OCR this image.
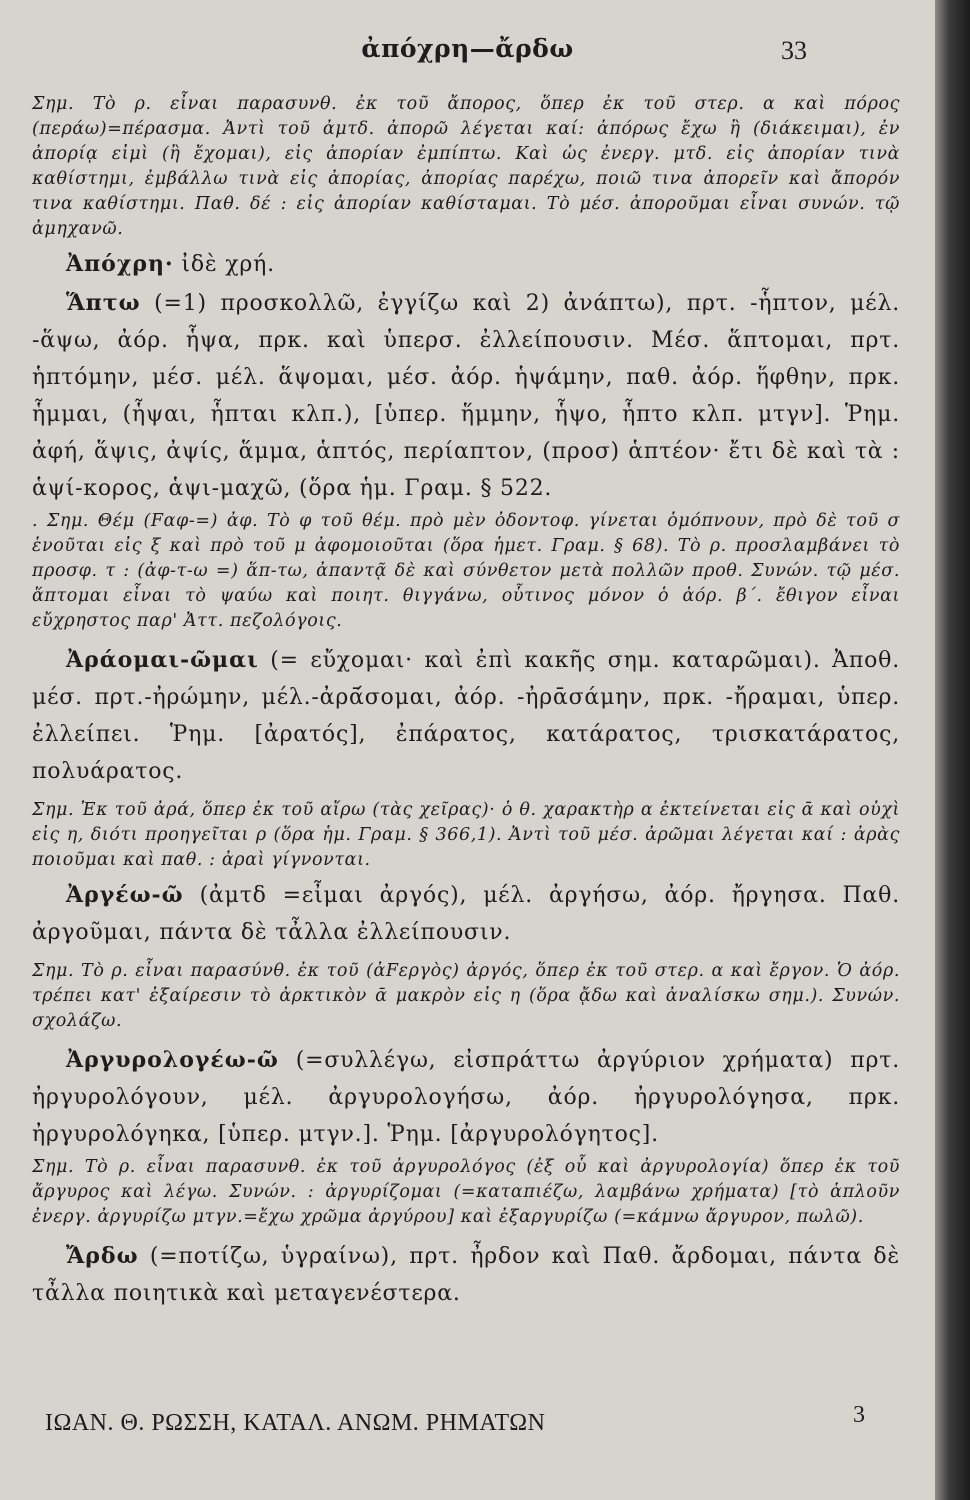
ἀπόχρη—ἄρδω	33

Σημ. Τὸ ρ. εἶναι παρασυνθ. ἐκ τοῦ ἄπορος, ὅπερ ἐκ τοῦ στερ. α καὶ πόρος (περάω)=πέρασμα. Ἀντὶ τοῦ ἀμτδ. ἀπορῶ λέγεται καί: ἀπόρως ἔχω ἢ (διάκειμαι), ἐν ἀπορίᾳ εἰμὶ (ἢ ἔχομαι), εἰς ἀπορίαν ἐμπίπτω. Καὶ ὡς ἐνεργ. μτδ. εἰς ἀπορίαν τινὰ καθίστημι, ἐμβάλλω τινὰ εἰς ἀπορίας, ἀπορίας παρέχω, ποιῶ τινα ἀπορεῖν καὶ ἄπορόν τινα καθίστημι. Παθ. δέ : εἰς ἀπορίαν καθίσταμαι. Τὸ μέσ. ἀποροῦμαι εἶναι συνών. τῷ ἀμηχανῶ.

Ἀπόχρη· ἰδὲ χρή.

Ἅπτω (=1) προσκολλῶ, ἐγγίζω καὶ 2) ἀνάπτω), πρτ. -ἧπτον, μέλ. -ἅψω, ἀόρ. ἧψα, πρκ. καὶ ὑπερσ. ἐλλείπουσιν. Μέσ. ἅπτομαι, πρτ. ἡπτόμην, μέσ. μέλ. ἅψομαι, μέσ. ἀόρ. ἡψάμην, παθ. ἀόρ. ἥφθην, πρκ. ἧμμαι, (ἧψαι, ἧπται κλπ.), [ὑπερ. ἥμμην, ἧψο, ἧπτο κλπ. μτγν]. Ῥημ. ἀφή, ἅψις, ἀψίς, ἅμμα, ἁπτός, περίαπτον, (προσ) ἁπτέον· ἔτι δὲ καὶ τὰ : ἁψί-κορος, ἁψι-μαχῶ, (ὅρα ἡμ. Γραμ. § 522.

. Σημ. Θέμ (Fαφ-=) ἀφ. Τὸ φ τοῦ θέμ. πρὸ μὲν ὀδοντοφ. γίνεται ὁμόπνουν, πρὸ δὲ τοῦ σ ἑνοῦται εἰς ξ καὶ πρὸ τοῦ μ ἀφομοιοῦται (ὅρα ἡμετ. Γραμ. § 68). Τὸ ρ. προσλαμβάνει τὸ προσφ. τ : (ἀφ-τ-ω =) ἅπ-τω, ἀπαντᾷ δὲ καὶ σύνθετον μετὰ πολλῶν προθ. Συνών. τῷ μέσ. ἅπτομαι εἶναι τὸ ψαύω καὶ ποιητ. θιγγάνω, οὗτινος μόνον ὁ ἀόρ. β΄. ἔθιγον εἶναι εὔχρηστος παρ' Ἀττ. πεζολόγοις.

Ἀράομαι-ῶμαι (= εὔχομαι· καὶ ἐπὶ κακῆς σημ. καταρῶμαι). Ἀποθ. μέσ. πρτ.-ἠρώμην, μέλ.-ἀρᾱ́σομαι, ἀόρ. -ἠρᾱσάμην, πρκ. -ἤραμαι, ὑπερ. ἐλλείπει. Ῥημ. [ἀρατός], ἐπάρατος, κατάρατος, τρισκατάρατος, πολυάρατος.

Σημ. Ἐκ τοῦ ἀρά, ὅπερ ἐκ τοῦ αἴρω (τὰς χεῖρας)· ὁ θ. χαρακτὴρ α ἐκτείνεται εἰς ᾱ καὶ οὐχὶ εἰς η, διότι προηγεῖται ρ (ὅρα ἡμ. Γραμ. § 366,1). Ἀντὶ τοῦ μέσ. ἀρῶμαι λέγεται καί : ἀρὰς ποιοῦμαι καὶ παθ. : ἀραὶ γίγνονται.

Ἀργέω-ῶ (ἀμτδ =εἶμαι ἀργός), μέλ. ἀργήσω, ἀόρ. ἤργησα. Παθ. ἀργοῦμαι, πάντα δὲ τἆλλα ἐλλείπουσιν.

Σημ. Τὸ ρ. εἶναι παρασύνθ. ἐκ τοῦ (ἀFεργὸς) ἀργός, ὅπερ ἐκ τοῦ στερ. α καὶ ἔργον. Ὁ ἀόρ. τρέπει κατ' ἐξαίρεσιν τὸ ἀρκτικὸν ᾱ μακρὸν εἰς η (ὅρα ᾄδω καὶ ἀναλίσκω σημ.). Συνών. σχολάζω.

Ἀργυρολογέω-ῶ (=συλλέγω, εἰσπράττω ἀργύριον χρήματα) πρτ. ἠργυρολόγουν, μέλ. ἀργυρολογήσω, ἀόρ. ἠργυρολόγησα, πρκ. ἠργυρολόγηκα, [ὑπερ. μτγν.]. Ῥημ. [ἀργυρολόγητος].

Σημ. Τὸ ρ. εἶναι παρασυνθ. ἐκ τοῦ ἀργυρολόγος (ἐξ οὗ καὶ ἀργυρολογία) ὅπερ ἐκ τοῦ ἄργυρος καὶ λέγω. Συνών. : ἀργυρίζομαι (=καταπιέζω, λαμβάνω χρήματα) [τὸ ἁπλοῦν ἐνεργ. ἀργυρίζω μτγν.=ἔχω χρῶμα ἀργύρου] καὶ ἐξαργυρίζω (=κάμνω ἄργυρον, πωλῶ).

Ἄρδω (=ποτίζω, ὑγραίνω), πρτ. ἦρδον καὶ Παθ. ἄρδομαι, πάντα δὲ τἆλλα ποιητικὰ καὶ μεταγενέστερα.

ΙΩΑΝ. Θ. ΡΩΣΣΗ, ΚΑΤΑΛ. ΑΝΩΜ. ΡΗΜΑΤΩΝ	3
